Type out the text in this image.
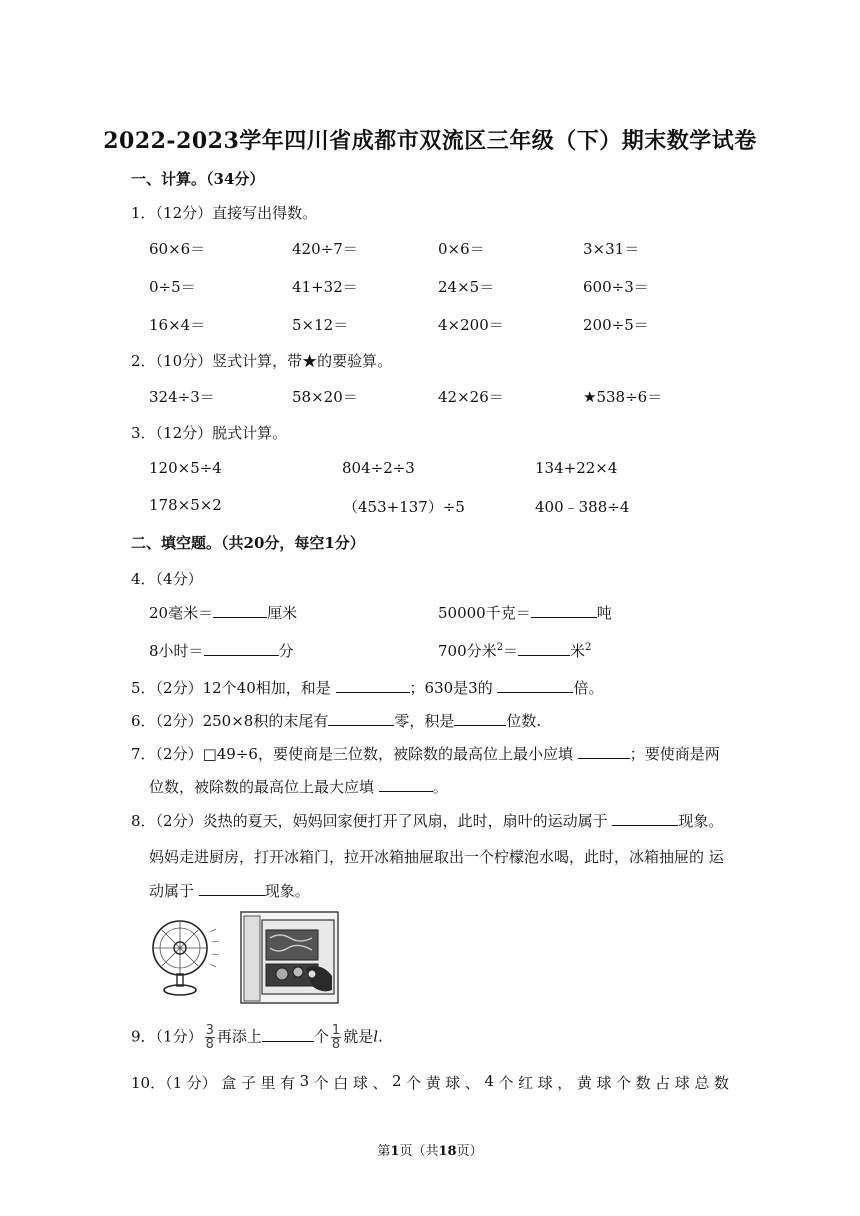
2022-2023学年四川省成都市双流区三年级（下）期末数学试卷
一、计算。（34分）
1．（12分）直接写出得数。
60×6＝	420÷7＝	0×6＝	3×31＝
0÷5＝	41+32＝	24×5＝	600÷3＝
16×4＝	5×12＝	4×200＝	200÷5＝
2．（10分）竖式计算，带★的要验算。
324÷3＝	58×20＝	42×26＝	★538÷6＝
3．（12分）脱式计算。
120×5÷4	804÷2÷3	134+22×4
178×5×2	（453+137）÷5	400﹣388÷4
二、填空题。（共20分，每空1分）
4．（4分）
20毫米＝	厘米	50000千克＝	吨
8小时＝	分	700分米$^2$＝	米$^2$
5．（2分）12个40相加，和是	；630是3的	倍。
6．（2分）250×8积的末尾有	零，积是	位数.
7．（2分）□49÷6，要使商是三位数，被除数的最高位上最小应填	；要使商是两
位数，被除数的最高位上最大应填	。
8．（2分）炎热的夏天，妈妈回家便打开了风扇，此时，扇叶的运动属于	现象。
妈妈走进厨房，打开冰箱门，拉开冰箱抽屉取出一个柠檬泡水喝，此时，冰箱抽屉的 运
动属于	现象。
9．（1分） $\frac{3}{8}$ 再添上	个 $\frac{1}{8}$ 就是l.
10．（1 分） 盒 子 里 有 3 个 白 球 、 2 个 黄 球 、 4 个 红 球 ， 黄 球 个 数 占 球 总 数
第1页（共18页）
